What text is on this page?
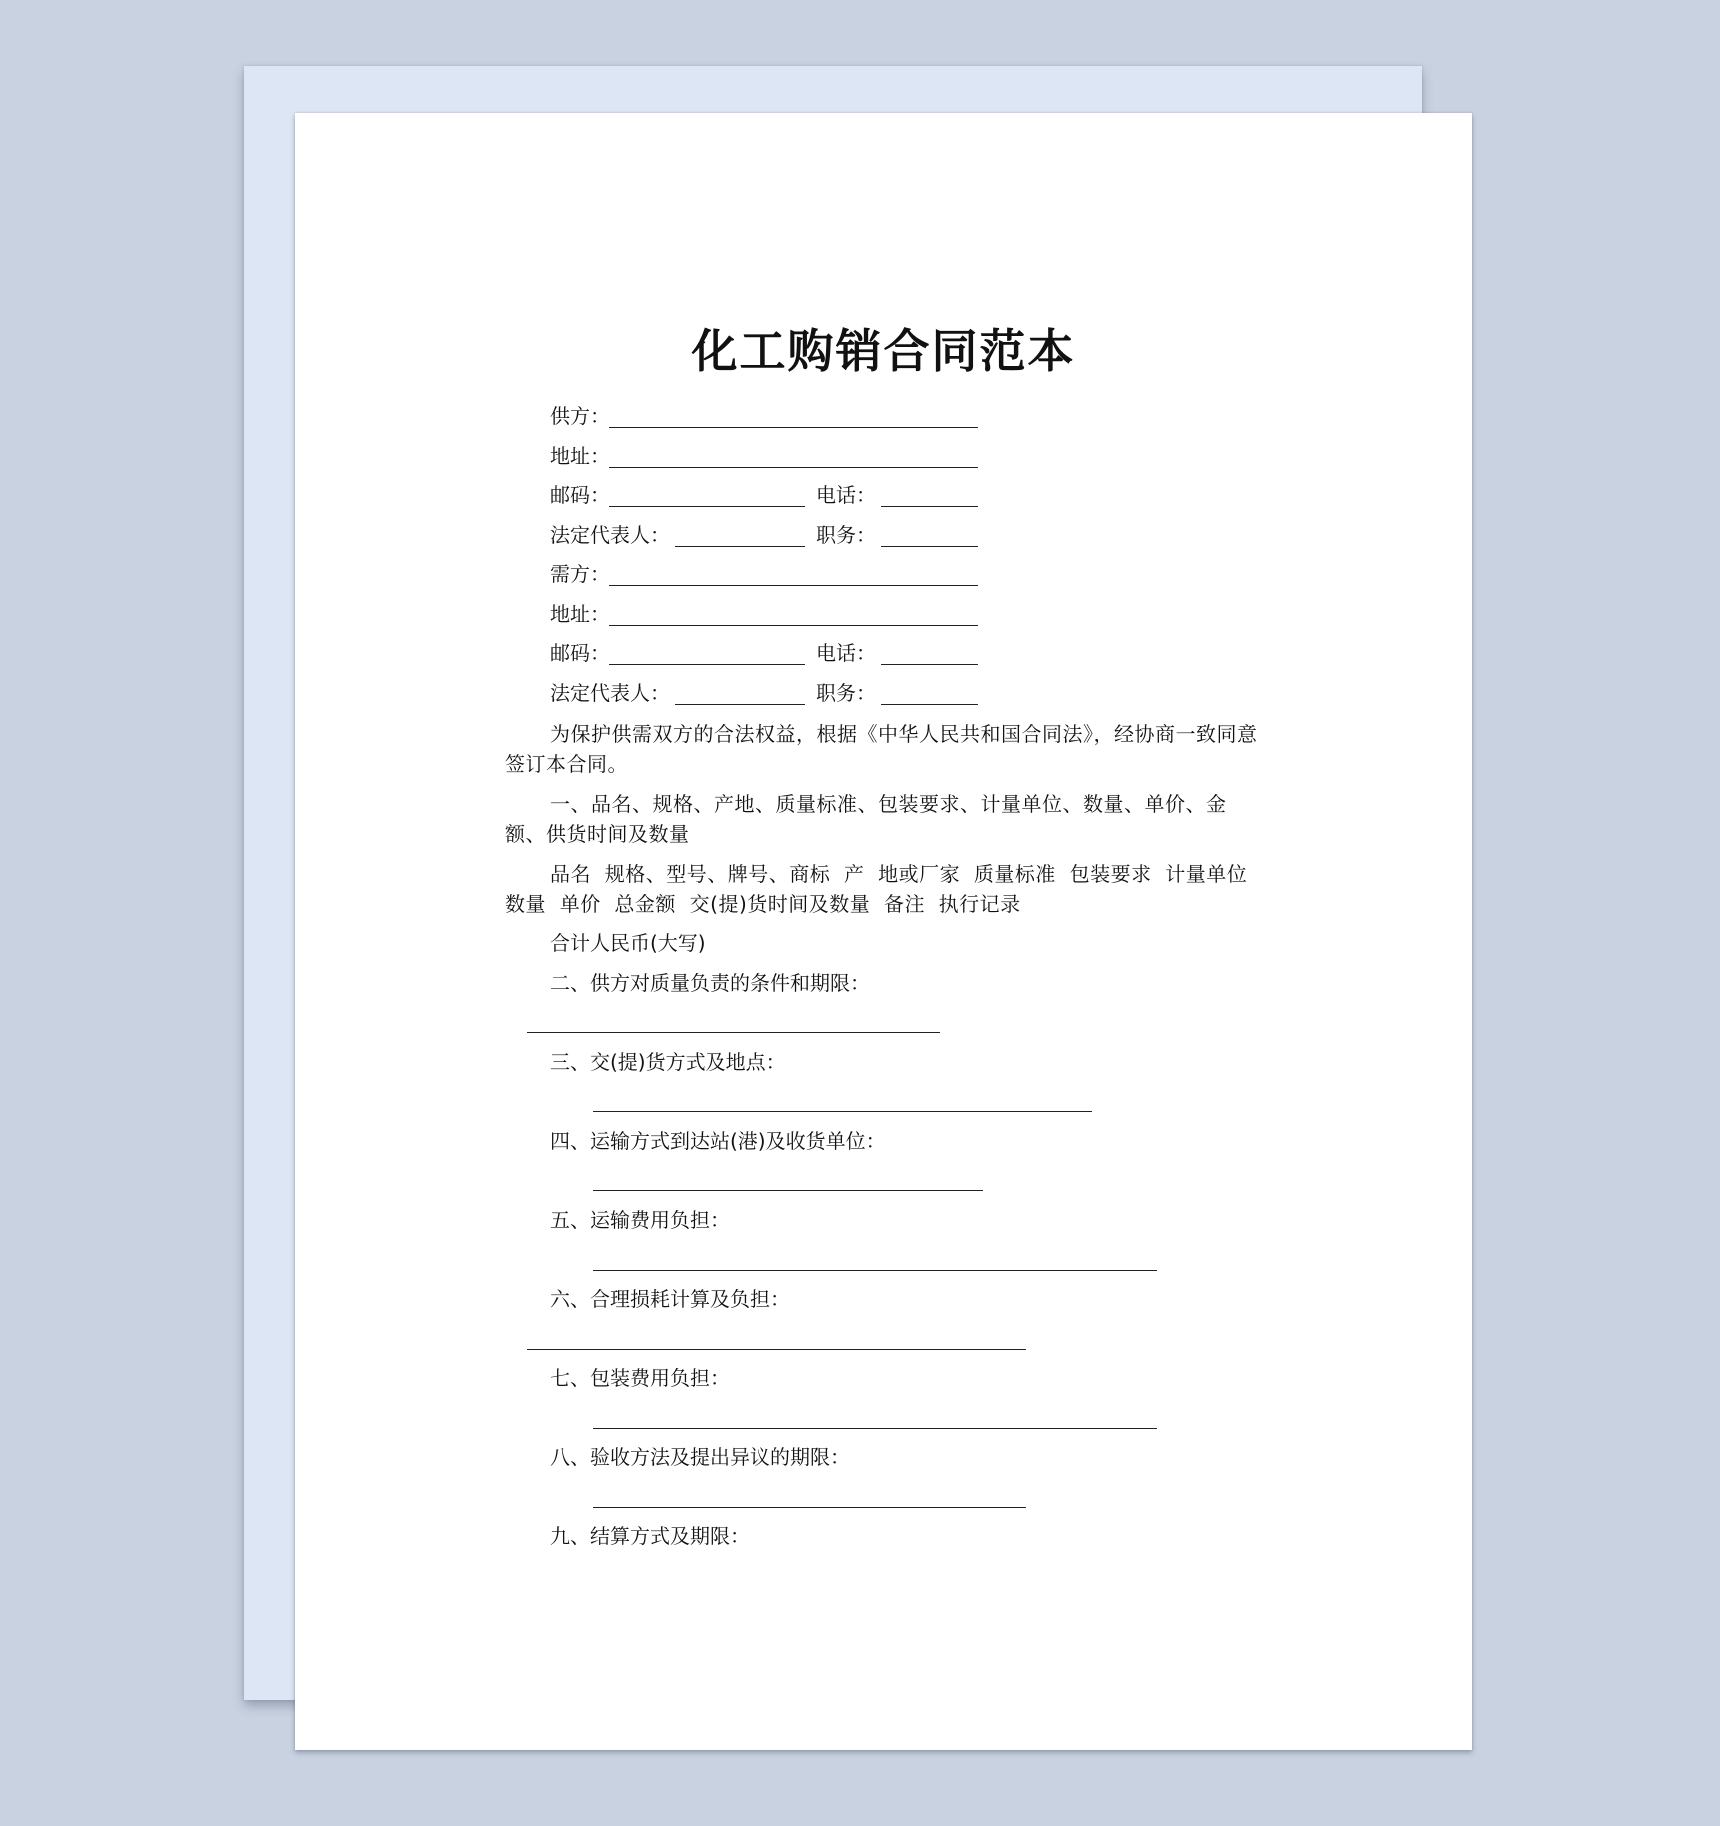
化工购销合同范本
供方：
地址：
邮码：	电话：
法定代表人：	职务：
需方：
地址：
邮码：	电话：
法定代表人：	职务：
为保护供需双方的合法权益，根据《中华人民共和国合同法》，经协商一致同意签订本合同。
一、品名、规格、产地、质量标准、包装要求、计量单位、数量、单价、金额、供货时间及数量
品名  规格、型号、牌号、商标  产  地或厂家  质量标准  包装要求  计量单位  数量  单价  总金额  交(提)货时间及数量  备注  执行记录
合计人民币(大写)
二、供方对质量负责的条件和期限：
三、交(提)货方式及地点：
四、运输方式到达站(港)及收货单位：
五、运输费用负担：
六、合理损耗计算及负担：
七、包装费用负担：
八、验收方法及提出异议的期限：
九、结算方式及期限：
